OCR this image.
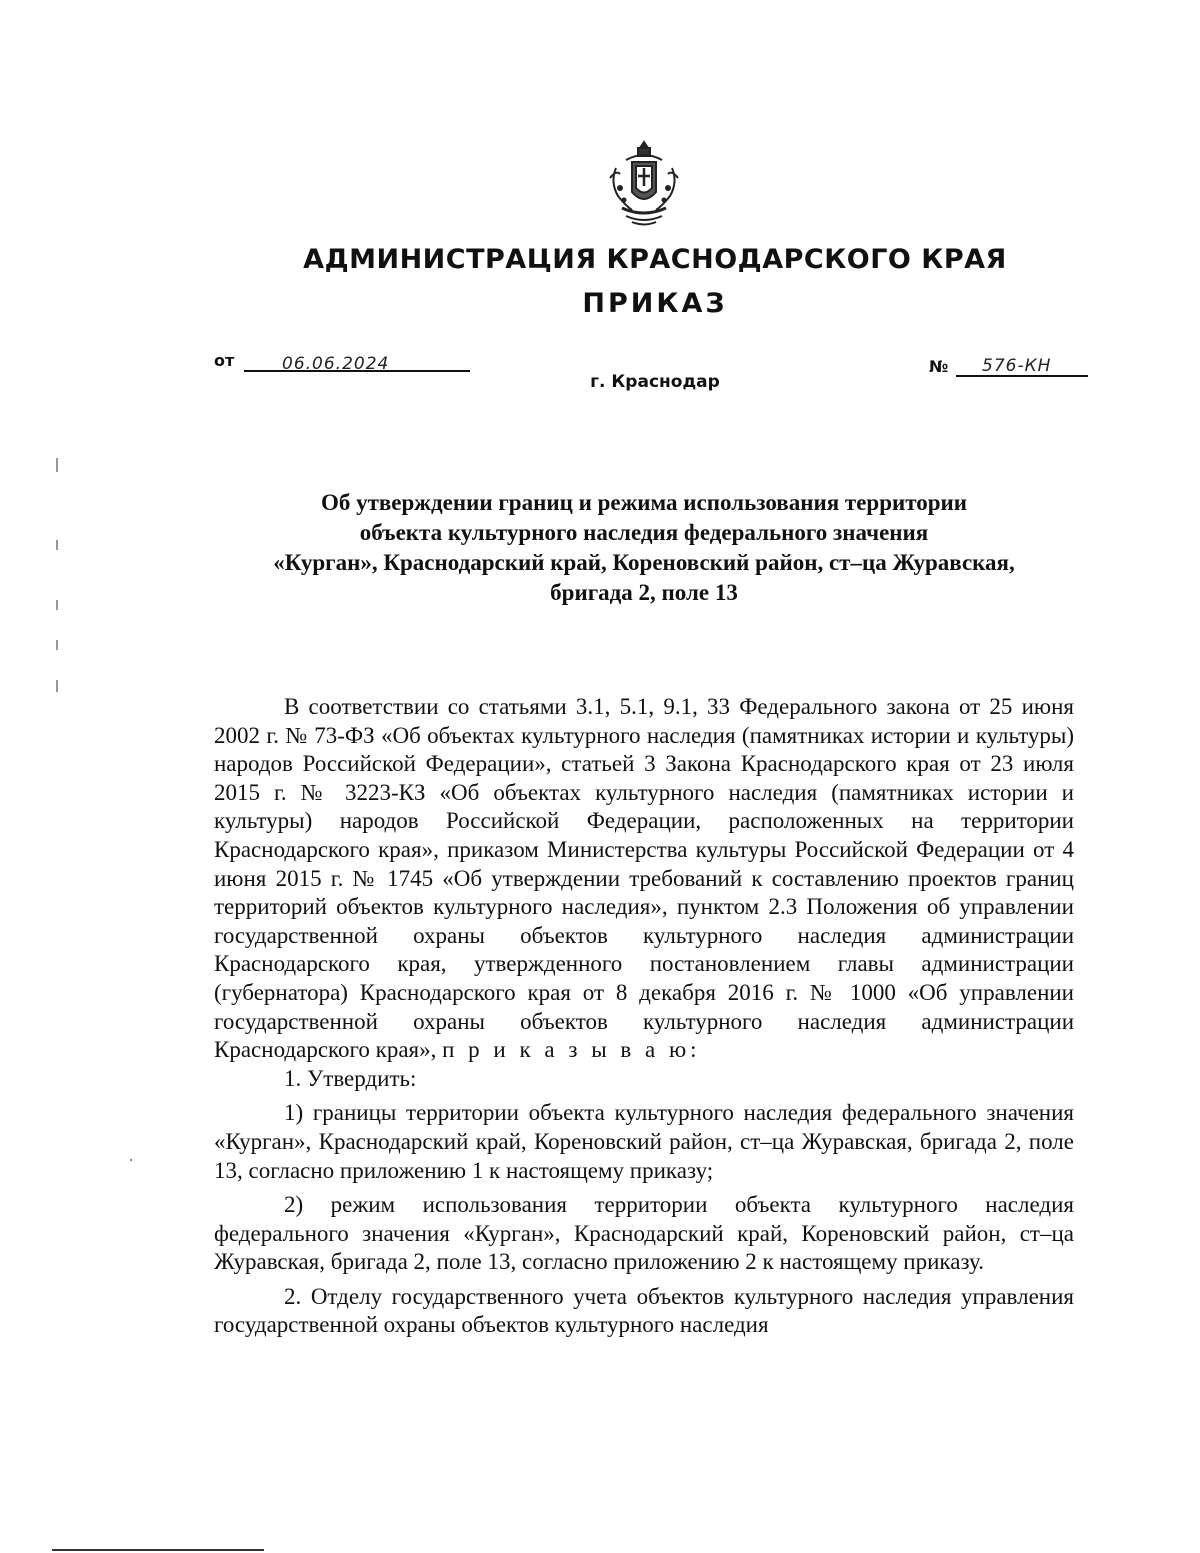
АДМИНИСТРАЦИЯ КРАСНОДАРСКОГО КРАЯ
ПРИКАЗ
от	06.06.2024	№ 576-КН
г. Краснодар
Об утверждении границ и режима использования территории
объекта культурного наследия федерального значения
«Курган», Краснодарский край, Кореновский район, ст–ца Журавская,
бригада 2, поле 13

В соответствии со статьями 3.1, 5.1, 9.1, 33 Федерального закона от 25 июня 2002 г. № 73-ФЗ «Об объектах культурного наследия (памятниках истории и культуры) народов Российской Федерации», статьей 3 Закона Краснодарского края от 23 июля 2015 г. № 3223-КЗ «Об объектах культурного наследия (памятниках истории и культуры) народов Российской Федерации, расположенных на территории Краснодарского края», приказом Министерства культуры Российской Федерации от 4 июня 2015 г. № 1745 «Об утверждении требований к составлению проектов границ территорий объектов культурного наследия», пунктом 2.3 Положения об управлении государственной охраны объектов культурного наследия администрации Краснодарского края, утвержденного постановлением главы администрации (губернатора) Краснодарского края от 8 декабря 2016 г. № 1000 «Об управлении государственной охраны объектов культурного наследия администрации Краснодарского края», п р и к а з ы в а ю:

1. Утвердить:

1) границы территории объекта культурного наследия федерального значения «Курган», Краснодарский край, Кореновский район, ст–ца Журавская, бригада 2, поле 13, согласно приложению 1 к настоящему приказу;

2) режим использования территории объекта культурного наследия федерального значения «Курган», Краснодарский край, Кореновский район, ст–ца Журавская, бригада 2, поле 13, согласно приложению 2 к настоящему приказу.

2. Отделу государственного учета объектов культурного наследия управления государственной охраны объектов культурного наследия
